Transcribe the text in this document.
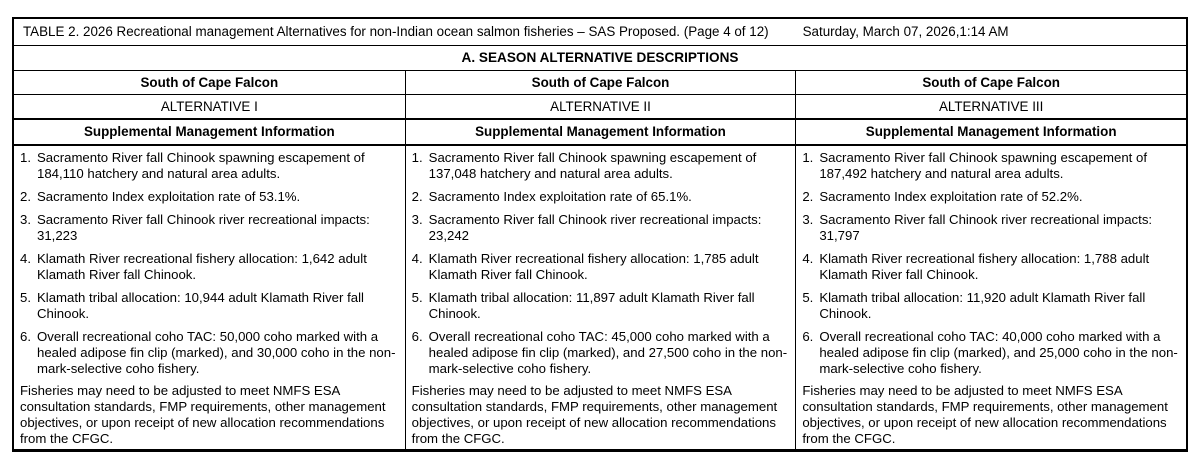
TABLE 2. 2026 Recreational management Alternatives for non-Indian ocean salmon fisheries – SAS Proposed. (Page 4 of 12)	Saturday, March 07, 2026,1:14 AM
A. SEASON ALTERNATIVE DESCRIPTIONS
South of Cape Falcon
ALTERNATIVE I
Supplemental Management Information
1. Sacramento River fall Chinook spawning escapement of 184,110 hatchery and natural area adults.
2. Sacramento Index exploitation rate of 53.1%.
3. Sacramento River fall Chinook river recreational impacts: 31,223
4. Klamath River recreational fishery allocation: 1,642 adult Klamath River fall Chinook.
5. Klamath tribal allocation: 10,944 adult Klamath River fall Chinook.
6. Overall recreational coho TAC: 50,000 coho marked with a healed adipose fin clip (marked), and 30,000 coho in the non-mark-selective coho fishery.
Fisheries may need to be adjusted to meet NMFS ESA consultation standards, FMP requirements, other management objectives, or upon receipt of new allocation recommendations from the CFGC.
South of Cape Falcon
ALTERNATIVE II
Supplemental Management Information
1. Sacramento River fall Chinook spawning escapement of 137,048 hatchery and natural area adults.
2. Sacramento Index exploitation rate of 65.1%.
3. Sacramento River fall Chinook river recreational impacts: 23,242
4. Klamath River recreational fishery allocation: 1,785 adult Klamath River fall Chinook.
5. Klamath tribal allocation: 11,897 adult Klamath River fall Chinook.
6. Overall recreational coho TAC: 45,000 coho marked with a healed adipose fin clip (marked), and 27,500 coho in the non-mark-selective coho fishery.
Fisheries may need to be adjusted to meet NMFS ESA consultation standards, FMP requirements, other management objectives, or upon receipt of new allocation recommendations from the CFGC.
South of Cape Falcon
ALTERNATIVE III
Supplemental Management Information
1. Sacramento River fall Chinook spawning escapement of 187,492 hatchery and natural area adults.
2. Sacramento Index exploitation rate of 52.2%.
3. Sacramento River fall Chinook river recreational impacts: 31,797
4. Klamath River recreational fishery allocation: 1,788 adult Klamath River fall Chinook.
5. Klamath tribal allocation: 11,920 adult Klamath River fall Chinook.
6. Overall recreational coho TAC: 40,000 coho marked with a healed adipose fin clip (marked), and 25,000 coho in the non-mark-selective coho fishery.
Fisheries may need to be adjusted to meet NMFS ESA consultation standards, FMP requirements, other management objectives, or upon receipt of new allocation recommendations from the CFGC.
